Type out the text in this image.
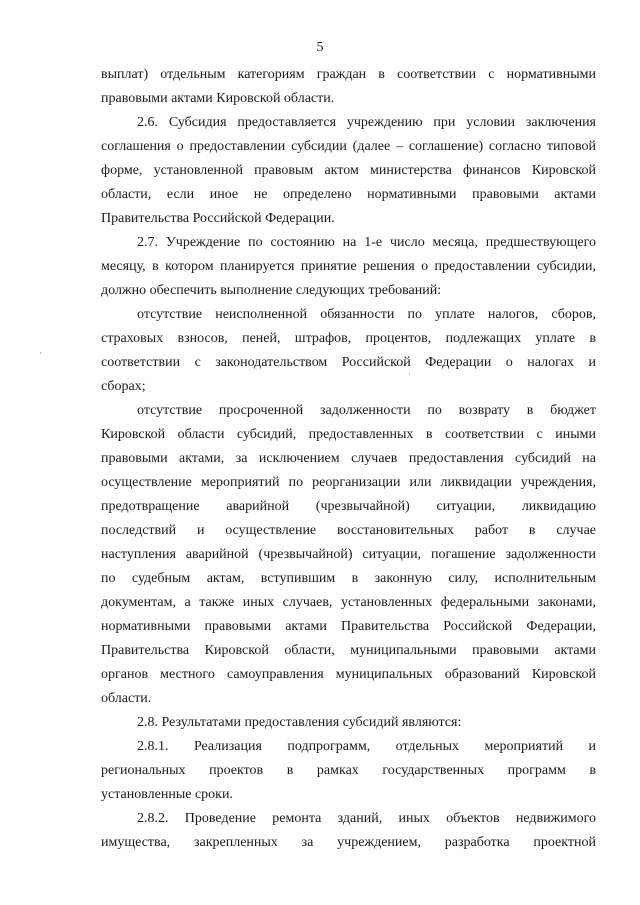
5
выплат) отдельным категориям граждан в соответствии с нормативными
правовыми актами Кировской области.
2.6. Субсидия предоставляется учреждению при условии заключения
соглашения о предоставлении субсидии (далее – соглашение) согласно типовой
форме, установленной правовым актом министерства финансов Кировской
области, если иное не определено нормативными правовыми актами
Правительства Российской Федерации.
2.7. Учреждение по состоянию на 1-е число месяца, предшествующего
месяцу, в котором планируется принятие решения о предоставлении субсидии,
должно обеспечить выполнение следующих требований:
отсутствие неисполненной обязанности по уплате налогов, сборов,
страховых взносов, пеней, штрафов, процентов, подлежащих уплате в
соответствии с законодательством Российской Федерации о налогах и
сборах;
отсутствие просроченной задолженности по возврату в бюджет
Кировской области субсидий, предоставленных в соответствии с иными
правовыми актами, за исключением случаев предоставления субсидий на
осуществление мероприятий по реорганизации или ликвидации учреждения,
предотвращение аварийной (чрезвычайной) ситуации, ликвидацию
последствий и осуществление восстановительных работ в случае
наступления аварийной (чрезвычайной) ситуации, погашение задолженности
по судебным актам, вступившим в законную силу, исполнительным
документам, а также иных случаев, установленных федеральными законами,
нормативными правовыми актами Правительства Российской Федерации,
Правительства Кировской области, муниципальными правовыми актами
органов местного самоуправления муниципальных образований Кировской
области.
2.8. Результатами предоставления субсидий являются:
2.8.1. Реализация подпрограмм, отдельных мероприятий и
региональных проектов в рамках государственных программ в
установленные сроки.
2.8.2. Проведение ремонта зданий, иных объектов недвижимого
имущества, закрепленных за учреждением, разработка проектной
